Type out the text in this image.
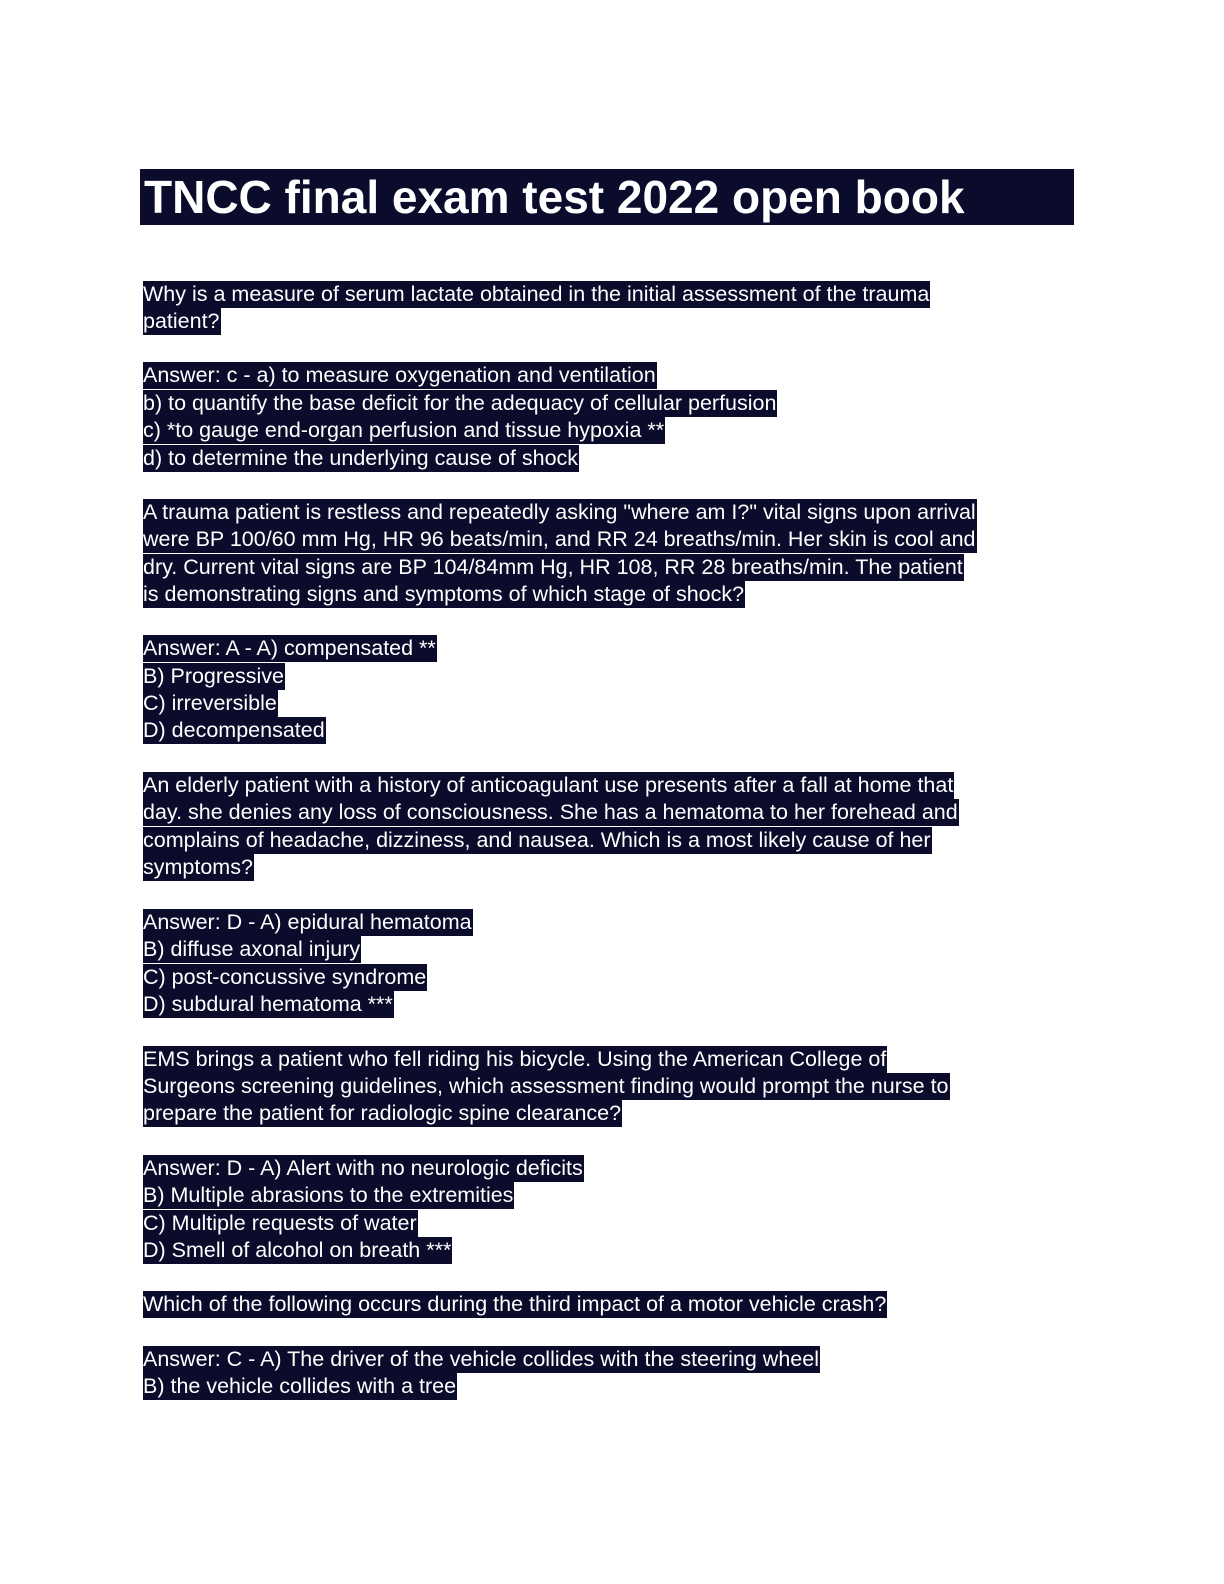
TNCC final exam test 2022 open book
Why is a measure of serum lactate obtained in the initial assessment of the trauma
patient?
Answer: c - a) to measure oxygenation and ventilation
b) to quantify the base deficit for the adequacy of cellular perfusion
c) *to gauge end-organ perfusion and tissue hypoxia **
d) to determine the underlying cause of shock
A trauma patient is restless and repeatedly asking "where am I?" vital signs upon arrival
were BP 100/60 mm Hg, HR 96 beats/min, and RR 24 breaths/min. Her skin is cool and
dry. Current vital signs are BP 104/84mm Hg, HR 108, RR 28 breaths/min. The patient
is demonstrating signs and symptoms of which stage of shock?
Answer: A - A) compensated **
B) Progressive
C) irreversible
D) decompensated
An elderly patient with a history of anticoagulant use presents after a fall at home that
day. she denies any loss of consciousness. She has a hematoma to her forehead and
complains of headache, dizziness, and nausea. Which is a most likely cause of her
symptoms?
Answer: D - A) epidural hematoma
B) diffuse axonal injury
C) post-concussive syndrome
D) subdural hematoma ***
EMS brings a patient who fell riding his bicycle. Using the American College of
Surgeons screening guidelines, which assessment finding would prompt the nurse to
prepare the patient for radiologic spine clearance?
Answer: D - A) Alert with no neurologic deficits
B) Multiple abrasions to the extremities
C) Multiple requests of water
D) Smell of alcohol on breath ***
Which of the following occurs during the third impact of a motor vehicle crash?
Answer: C - A) The driver of the vehicle collides with the steering wheel
B) the vehicle collides with a tree
